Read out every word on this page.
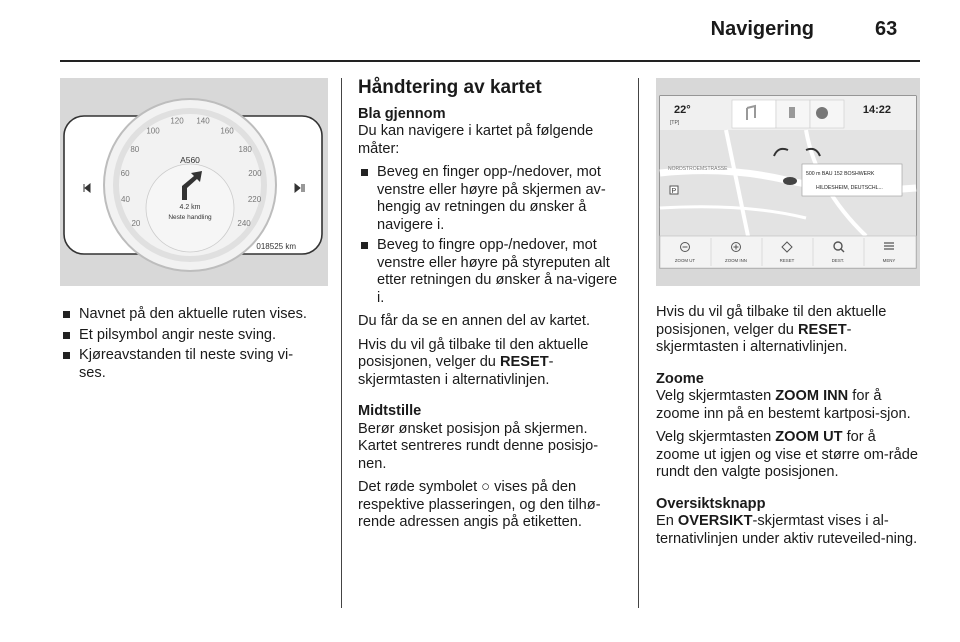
Navigering	63
20
40
60
80
100
120 140
160
180
200
220
240
A560
4.2 km
Neste handling
018525 km
Navnet på den aktuelle ruten vises.
Et pilsymbol angir neste sving.
Kjøreavstanden til neste sving vi-
ses.
Håndtering av kartet
Bla gjennom

Du kan navigere i kartet på følgende måter:

Beveg en finger opp-/nedover, mot venstre eller høyre på skjermen av-hengig av retningen du ønsker å navigere i.
Beveg to fingre opp-/nedover, mot venstre eller høyre på styreputen alt etter retningen du ønsker å na-vigere i.

Du får da se en annen del av kartet.

Hvis du vil gå tilbake til den aktuelle posisjonen, velger du RESET-skjermtasten i alternativlinjen.

Midtstille

Berør ønsket posisjon på skjermen. Kartet sentreres rundt denne posisjo-nen.

Det røde symbolet ○ vises på den respektive plasseringen, og den tilhø-rende adressen angis på etiketten.

22°
[TP]
14:22
NORDSTROEMSTRASSE
P
500 m BAU 152 BOSHWERK
HILDESHEIM, DEUTSCHL...
ZOOM UT	ZOOM INN	RESET	DEST.	MENY

Hvis du vil gå tilbake til den aktuelle posisjonen, velger du RESET-skjermtasten i alternativlinjen.

Zoome

Velg skjermtasten ZOOM INN for å zoome inn på en bestemt kartposi-sjon.

Velg skjermtasten ZOOM UT for å zoome ut igjen og vise et større om-råde rundt den valgte posisjonen.

Oversiktsknapp

En OVERSIKT-skjermtast vises i al-ternativlinjen under aktiv ruteveiled-ning.
